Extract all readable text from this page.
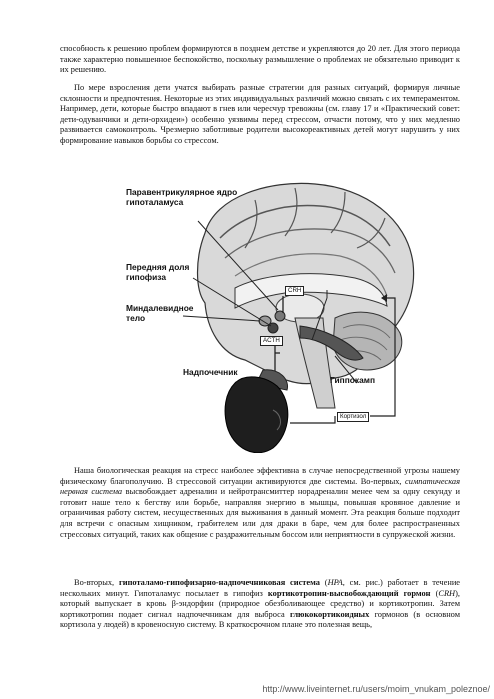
способность к решению проблем формируются в позднем детстве и укрепляются до 20 лет. Для этого периода также характерно повышенное беспокойство, поскольку размышление о проблемах не обязательно приводит к их решению.

По мере взросления дети учатся выбирать разные стратегии для разных ситуаций, формируя личные склонности и предпочтения. Некоторые из этих индивидуальных различий можно связать с их темпераментом. Например, дети, которые быстро впадают в гнев или чересчур тревожны (см. главу 17 и «Практический совет: дети-одуванчики и дети-орхидеи») особенно уязвимы перед стрессом, отчасти потому, что у них медленно развивается самоконтроль. Чрезмерно заботливые родители высокореактивных детей могут нарушить у них формирование навыков борьбы со стрессом.

Паравентрикулярное ядро гипоталамуса
Передняя доля гипофиза
Миндалевидное тело
Надпочечник
Гиппокамп
CRH
ACTH
Кортизол

Наша биологическая реакция на стресс наиболее эффективна в случае непосредственной угрозы нашему физическому благополучию. В стрессовой ситуации активируются две системы. Во-первых, симпатическая нервная система высвобождает адреналин и нейротрансмиттер норадреналин менее чем за одну секунду и готовит наше тело к бегству или борьбе, направляя энергию в мышцы, повышая кровяное давление и ограничивая работу систем, несущественных для выживания в данный момент. Эта реакция больше подходит для встречи с опасным хищником, грабителем или для драки в баре, чем для более распространенных стрессовых ситуаций, таких как общение с раздражительным боссом или неприятности в супружеской жизни.

Во-вторых, гипоталамо-гипофизарно-надпочечниковая система (HPA, см. рис.) работает в течение нескольких минут. Гипоталамус посылает в гипофиз кортикотропин-высвобождающий гормон (CRH), который выпускает в кровь β-эндорфин (природное обезболивающее средство) и кортикотропин. Затем кортикотропин подает сигнал надпочечникам для выброса глюкокортикоидных гормонов (в основном кортизола у людей) в кровеносную систему. В краткосрочном плане это полезная вещь,

http://www.liveinternet.ru/users/moim_vnukam_poleznoe/
